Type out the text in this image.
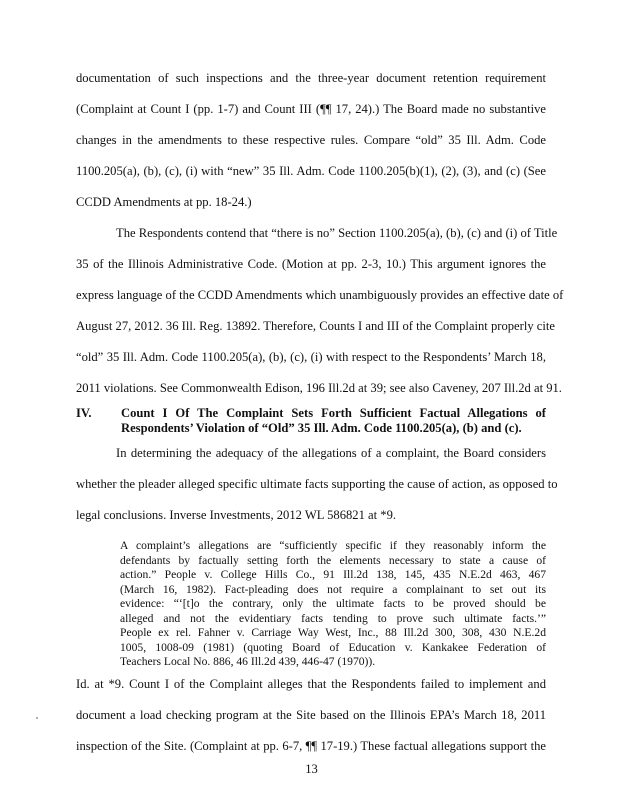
documentation of such inspections and the three-year document retention requirement
(Complaint at Count I (pp. 1-7) and Count III (¶¶ 17, 24).) The Board made no substantive
changes in the amendments to these respective rules. Compare “old” 35 Ill. Adm. Code
1100.205(a), (b), (c), (i) with “new” 35 Ill. Adm. Code 1100.205(b)(1), (2), (3), and (c) (See
CCDD Amendments at pp. 18-24.)
The Respondents contend that “there is no” Section 1100.205(a), (b), (c) and (i) of Title
35 of the Illinois Administrative Code. (Motion at pp. 2-3, 10.) This argument ignores the
express language of the CCDD Amendments which unambiguously provides an effective date of
August 27, 2012. 36 Ill. Reg. 13892. Therefore, Counts I and III of the Complaint properly cite
“old” 35 Ill. Adm. Code 1100.205(a), (b), (c), (i) with respect to the Respondents’ March 18,
2011 violations. See Commonwealth Edison, 196 Ill.2d at 39; see also Caveney, 207 Ill.2d at 91.
IV. Count I Of The Complaint Sets Forth Sufficient Factual Allegations of
Respondents’ Violation of “Old” 35 Ill. Adm. Code 1100.205(a), (b) and (c).
In determining the adequacy of the allegations of a complaint, the Board considers
whether the pleader alleged specific ultimate facts supporting the cause of action, as opposed to
legal conclusions. Inverse Investments, 2012 WL 586821 at *9.
A complaint’s allegations are “sufficiently specific if they reasonably inform the
defendants by factually setting forth the elements necessary to state a cause of
action.” People v. College Hills Co., 91 Ill.2d 138, 145, 435 N.E.2d 463, 467
(March 16, 1982). Fact-pleading does not require a complainant to set out its
evidence: “‘[t]o the contrary, only the ultimate facts to be proved should be
alleged and not the evidentiary facts tending to prove such ultimate facts.’”
People ex rel. Fahner v. Carriage Way West, Inc., 88 Ill.2d 300, 308, 430 N.E.2d
1005, 1008-09 (1981) (quoting Board of Education v. Kankakee Federation of
Teachers Local No. 886, 46 Ill.2d 439, 446-47 (1970)).
Id. at *9. Count I of the Complaint alleges that the Respondents failed to implement and
document a load checking program at the Site based on the Illinois EPA’s March 18, 2011
inspection of the Site. (Complaint at pp. 6-7, ¶¶ 17-19.) These factual allegations support the
13
